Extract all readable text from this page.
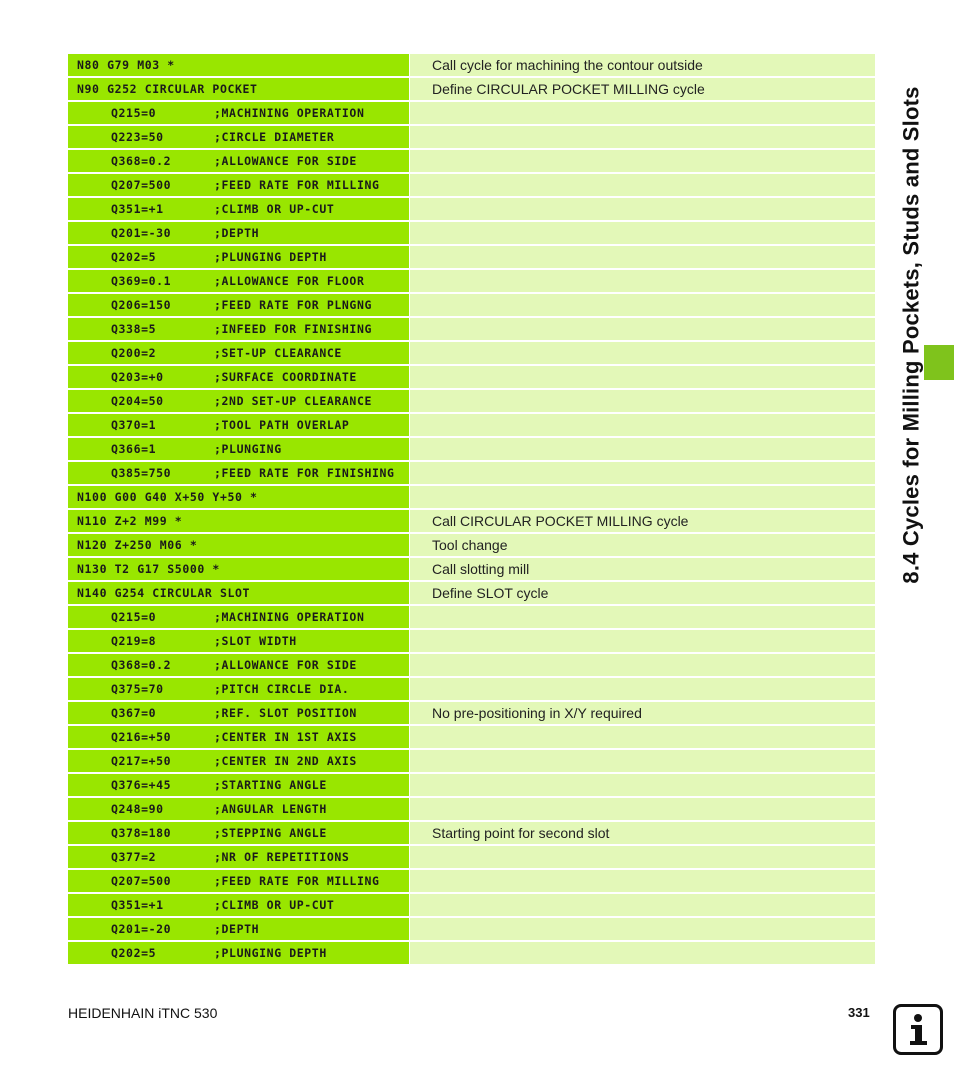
N80 G79 M03 *	Call cycle for machining the contour outside
N90 G252 CIRCULAR POCKET	Define CIRCULAR POCKET MILLING cycle
Q215=0	;MACHINING OPERATION
Q223=50	;CIRCLE DIAMETER
Q368=0.2	;ALLOWANCE FOR SIDE
Q207=500	;FEED RATE FOR MILLING
Q351=+1	;CLIMB OR UP-CUT
Q201=-30	;DEPTH
Q202=5	;PLUNGING DEPTH
Q369=0.1	;ALLOWANCE FOR FLOOR
Q206=150	;FEED RATE FOR PLNGNG
Q338=5	;INFEED FOR FINISHING
Q200=2	;SET-UP CLEARANCE
Q203=+0	;SURFACE COORDINATE
Q204=50	;2ND SET-UP CLEARANCE
Q370=1	;TOOL PATH OVERLAP
Q366=1	;PLUNGING
Q385=750	;FEED RATE FOR FINISHING
N100 G00 G40 X+50 Y+50 *
N110 Z+2 M99 *	Call CIRCULAR POCKET MILLING cycle
N120 Z+250 M06 *	Tool change
N130 T2 G17 S5000 *	Call slotting mill
N140 G254 CIRCULAR SLOT	Define SLOT cycle
Q215=0	;MACHINING OPERATION
Q219=8	;SLOT WIDTH
Q368=0.2	;ALLOWANCE FOR SIDE
Q375=70	;PITCH CIRCLE DIA.
Q367=0	;REF. SLOT POSITION	No pre-positioning in X/Y required
Q216=+50	;CENTER IN 1ST AXIS
Q217=+50	;CENTER IN 2ND AXIS
Q376=+45	;STARTING ANGLE
Q248=90	;ANGULAR LENGTH
Q378=180	;STEPPING ANGLE	Starting point for second slot
Q377=2	;NR OF REPETITIONS
Q207=500	;FEED RATE FOR MILLING
Q351=+1	;CLIMB OR UP-CUT
Q201=-20	;DEPTH
Q202=5	;PLUNGING DEPTH
8.4 Cycles for Milling Pockets, Studs and Slots
HEIDENHAIN iTNC 530	331
